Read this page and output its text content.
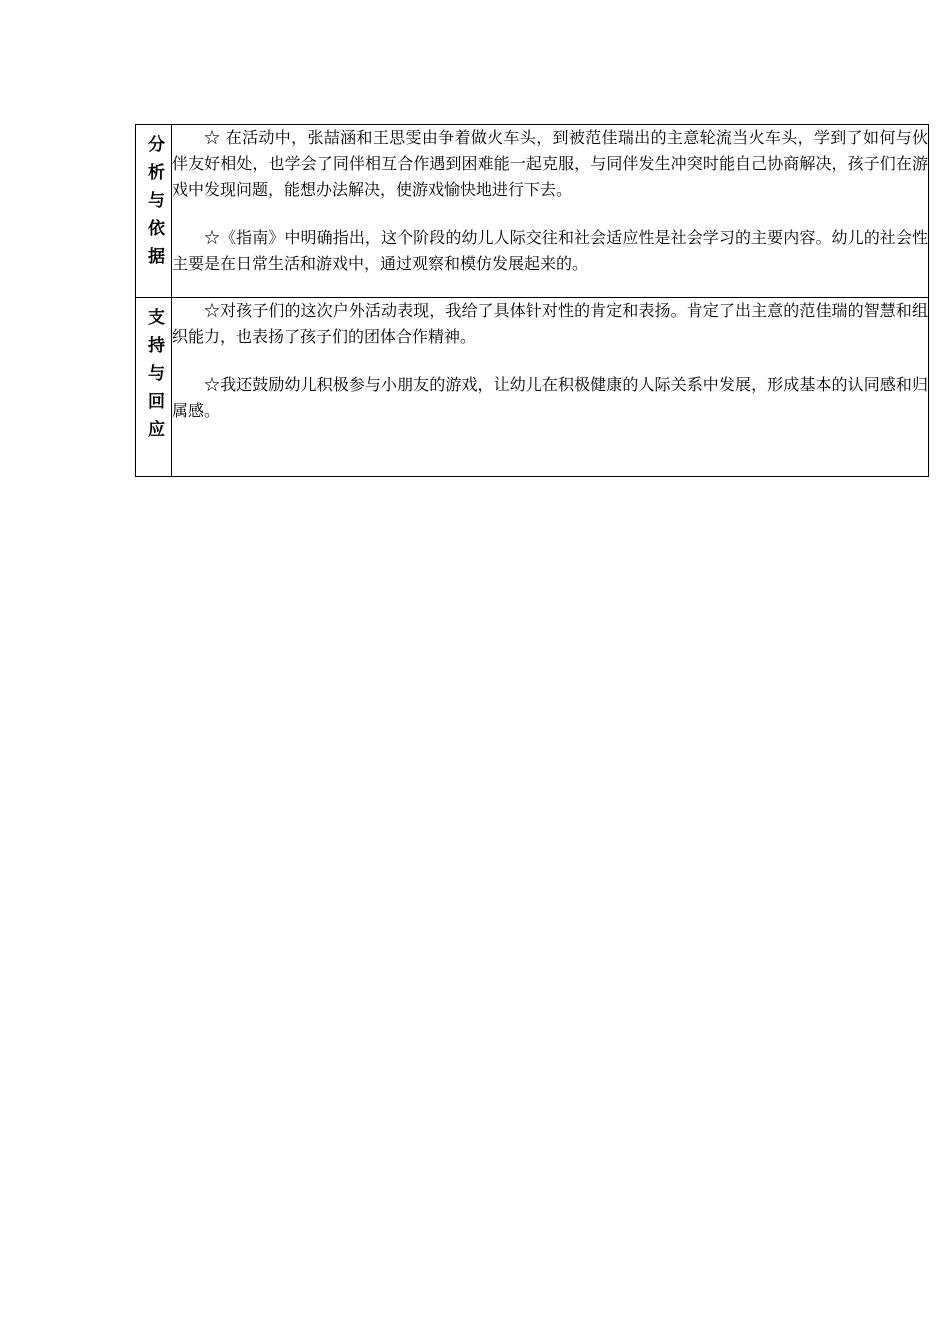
分析与依据	☆ 在活动中，张喆涵和王思雯由争着做火车头，到被范佳瑞出的主意轮流当火车头，学到了如何与伙伴友好相处，也学会了同伴相互合作遇到困难能一起克服，与同伴发生冲突时能自己协商解决，孩子们在游戏中发现问题，能想办法解决，使游戏愉快地进行下去。

☆《指南》中明确指出，这个阶段的幼儿人际交往和社会适应性是社会学习的主要内容。幼儿的社会性主要是在日常生活和游戏中，通过观察和模仿发展起来的。

支持与回应	☆对孩子们的这次户外活动表现，我给了具体针对性的肯定和表扬。肯定了出主意的范佳瑞的智慧和组织能力，也表扬了孩子们的团体合作精神。

☆我还鼓励幼儿积极参与小朋友的游戏，让幼儿在积极健康的人际关系中发展，形成基本的认同感和归属感。
